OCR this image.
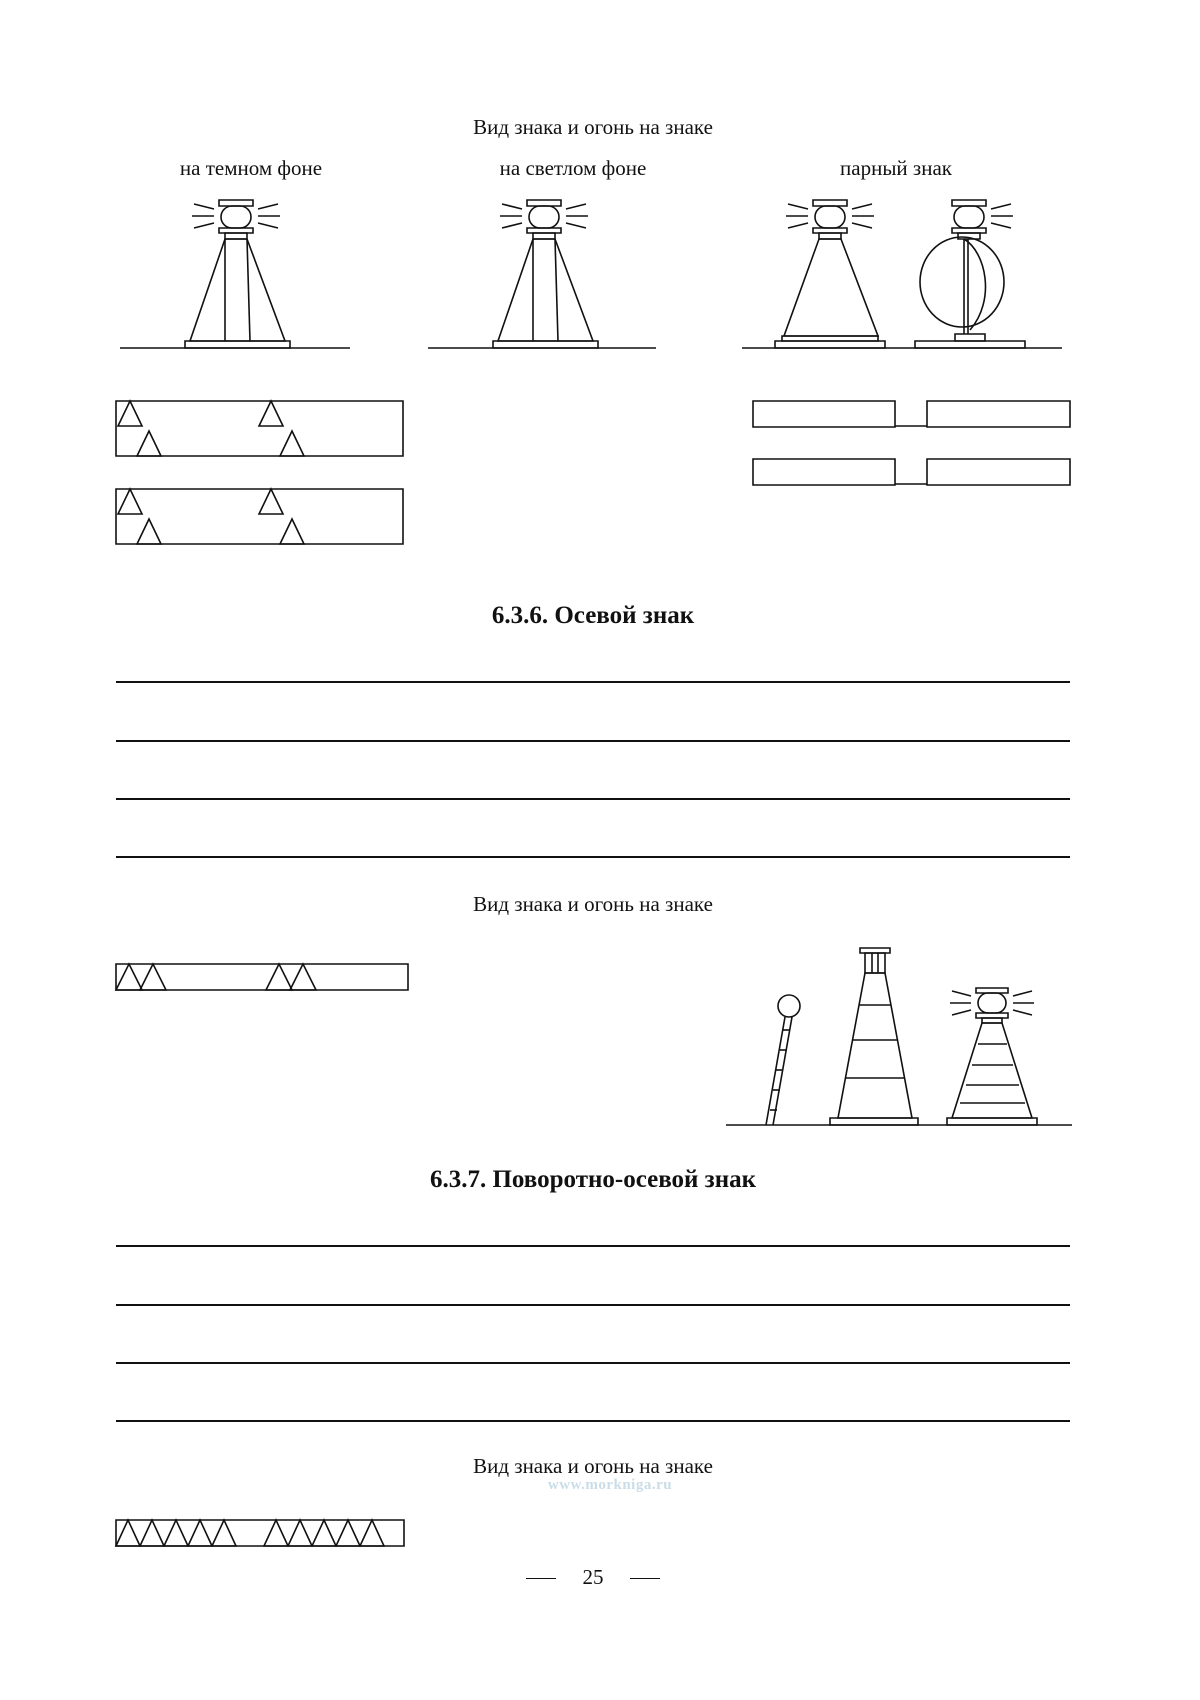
Вид знака и огонь на знаке
на темном фоне	на светлом фоне	парный знак
6.3.6. Осевой знак
Вид знака и огонь на знаке
6.3.7. Поворотно-осевой знак
Вид знака и огонь на знаке
www.morkniga.ru
25
